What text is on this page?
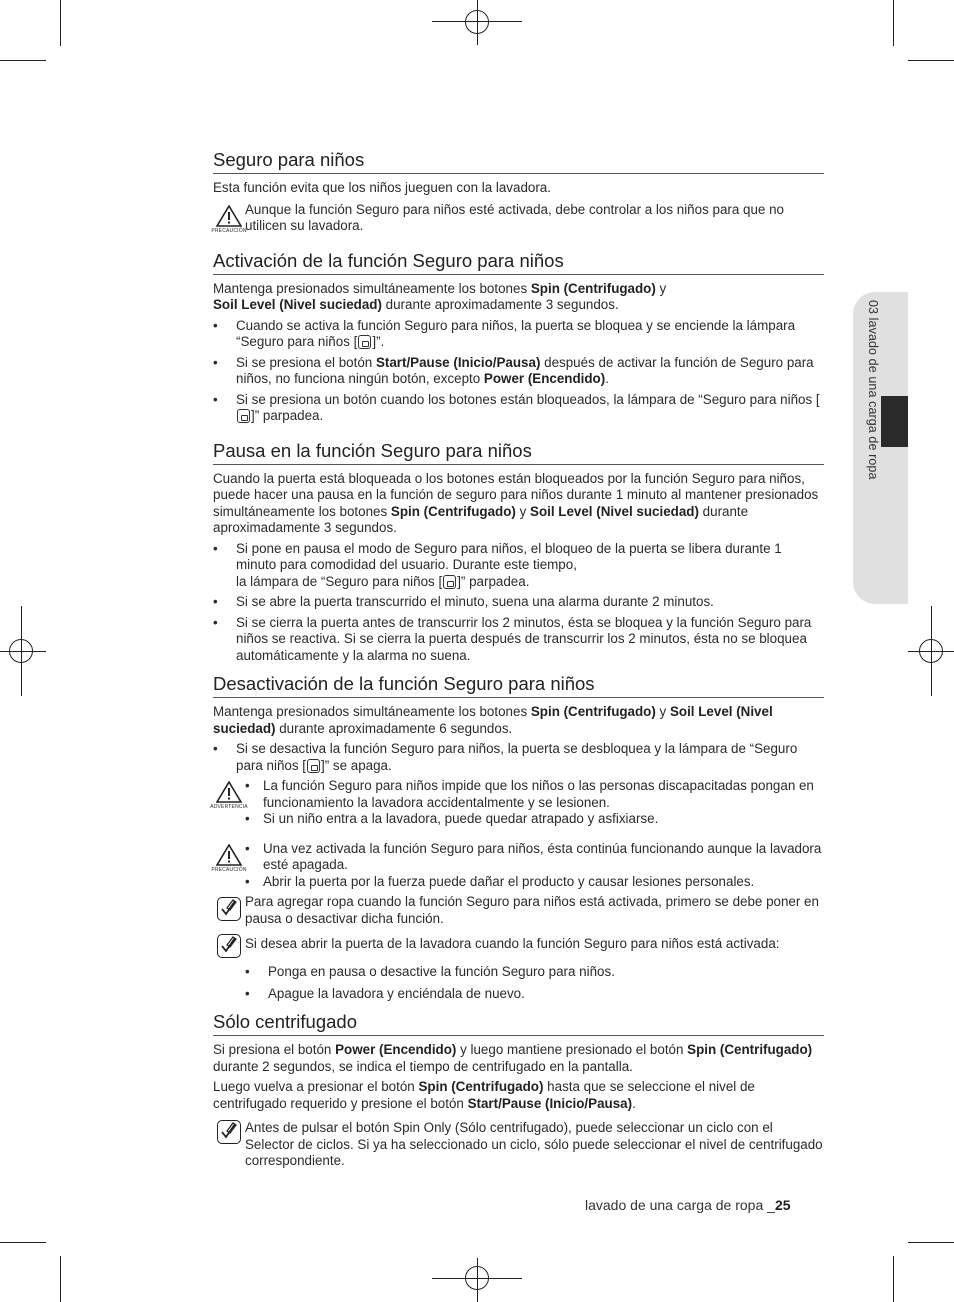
03 lavado de una carga de ropa
Seguro para niños

Esta función evita que los niños jueguen con la lavadora.

PRECAUCIÓN
Aunque la función Seguro para niños esté activada, debe controlar a los niños para que no utilicen su lavadora.
Activación de la función Seguro para niños

Mantenga presionados simultáneamente los botones Spin (Centrifugado) y
Soil Level (Nivel suciedad) durante aproximadamente 3 segundos.

• Cuando se activa la función Seguro para niños, la puerta se bloquea y se enciende la lámpara “Seguro para niños [ ]”.
• Si se presiona el botón Start/Pause (Inicio/Pausa) después de activar la función de Seguro para niños, no funciona ningún botón, excepto Power (Encendido).
• Si se presiona un botón cuando los botones están bloqueados, la lámpara de “Seguro para niños []” parpadea.
Pausa en la función Seguro para niños

Cuando la puerta está bloqueada o los botones están bloqueados por la función Seguro para niños, puede hacer una pausa en la función de seguro para niños durante 1 minuto al mantener presionados simultáneamente los botones Spin (Centrifugado) y Soil Level (Nivel suciedad) durante aproximadamente 3 segundos.

• Si pone en pausa el modo de Seguro para niños, el bloqueo de la puerta se libera durante 1 minuto para comodidad del usuario. Durante este tiempo,
la lámpara de “Seguro para niños [ ]” parpadea.
• Si se abre la puerta transcurrido el minuto, suena una alarma durante 2 minutos.
• Si se cierra la puerta antes de transcurrir los 2 minutos, ésta se bloquea y la función Seguro para niños se reactiva. Si se cierra la puerta después de transcurrir los 2 minutos, ésta no se bloquea automáticamente y la alarma no suena.
Desactivación de la función Seguro para niños

Mantenga presionados simultáneamente los botones Spin (Centrifugado) y Soil Level (Nivel suciedad) durante aproximadamente 6 segundos.

• Si se desactiva la función Seguro para niños, la puerta se desbloquea y la lámpara de “Seguro para niños [ ]” se apaga.
ADVERTENCIA
• La función Seguro para niños impide que los niños o las personas discapacitadas pongan en funcionamiento la lavadora accidentalmente y se lesionen.
• Si un niño entra a la lavadora, puede quedar atrapado y asfixiarse.
PRECAUCIÓN
• Una vez activada la función Seguro para niños, ésta continúa funcionando aunque la lavadora esté apagada.
• Abrir la puerta por la fuerza puede dañar el producto y causar lesiones personales.
Para agregar ropa cuando la función Seguro para niños está activada, primero se debe poner en pausa o desactivar dicha función.
Si desea abrir la puerta de la lavadora cuando la función Seguro para niños está activada:
• Ponga en pausa o desactive la función Seguro para niños.
• Apague la lavadora y enciéndala de nuevo.
Sólo centrifugado

Si presiona el botón Power (Encendido) y luego mantiene presionado el botón Spin (Centrifugado) durante 2 segundos, se indica el tiempo de centrifugado en la pantalla.

Luego vuelva a presionar el botón Spin (Centrifugado) hasta que se seleccione el nivel de centrifugado requerido y presione el botón Start/Pause (Inicio/Pausa).

Antes de pulsar el botón Spin Only (Sólo centrifugado), puede seleccionar un ciclo con el Selector de ciclos. Si ya ha seleccionado un ciclo, sólo puede seleccionar el nivel de centrifugado correspondiente.
lavado de una carga de ropa _25
